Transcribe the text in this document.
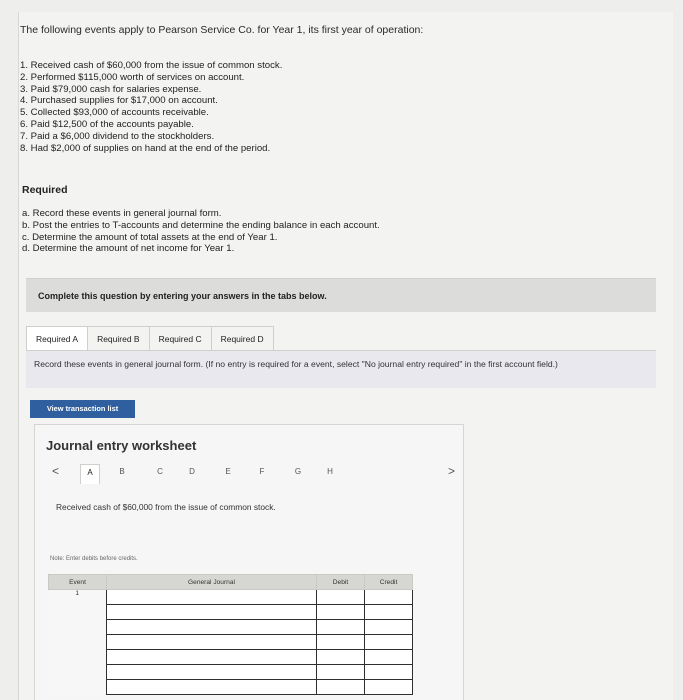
The following events apply to Pearson Service Co. for Year 1, its first year of operation:
1. Received cash of $60,000 from the issue of common stock.
2. Performed $115,000 worth of services on account.
3. Paid $79,000 cash for salaries expense.
4. Purchased supplies for $17,000 on account.
5. Collected $93,000 of accounts receivable.
6. Paid $12,500 of the accounts payable.
7. Paid a $6,000 dividend to the stockholders.
8. Had $2,000 of supplies on hand at the end of the period.
Required
a. Record these events in general journal form.
b. Post the entries to T-accounts and determine the ending balance in each account.
c. Determine the amount of total assets at the end of Year 1.
d. Determine the amount of net income for Year 1.
Complete this question by entering your answers in the tabs below.
Required A	Required B	Required C	Required D

Record these events in general journal form. (If no entry is required for a event, select "No journal entry required" in the first account field.)

View transaction list
Journal entry worksheet
<	A	B	C	D	E	F	G	H	>
Received cash of $60,000 from the issue of common stock.
Note: Enter debits before credits.
Event	General Journal	Debit	Credit
1			
